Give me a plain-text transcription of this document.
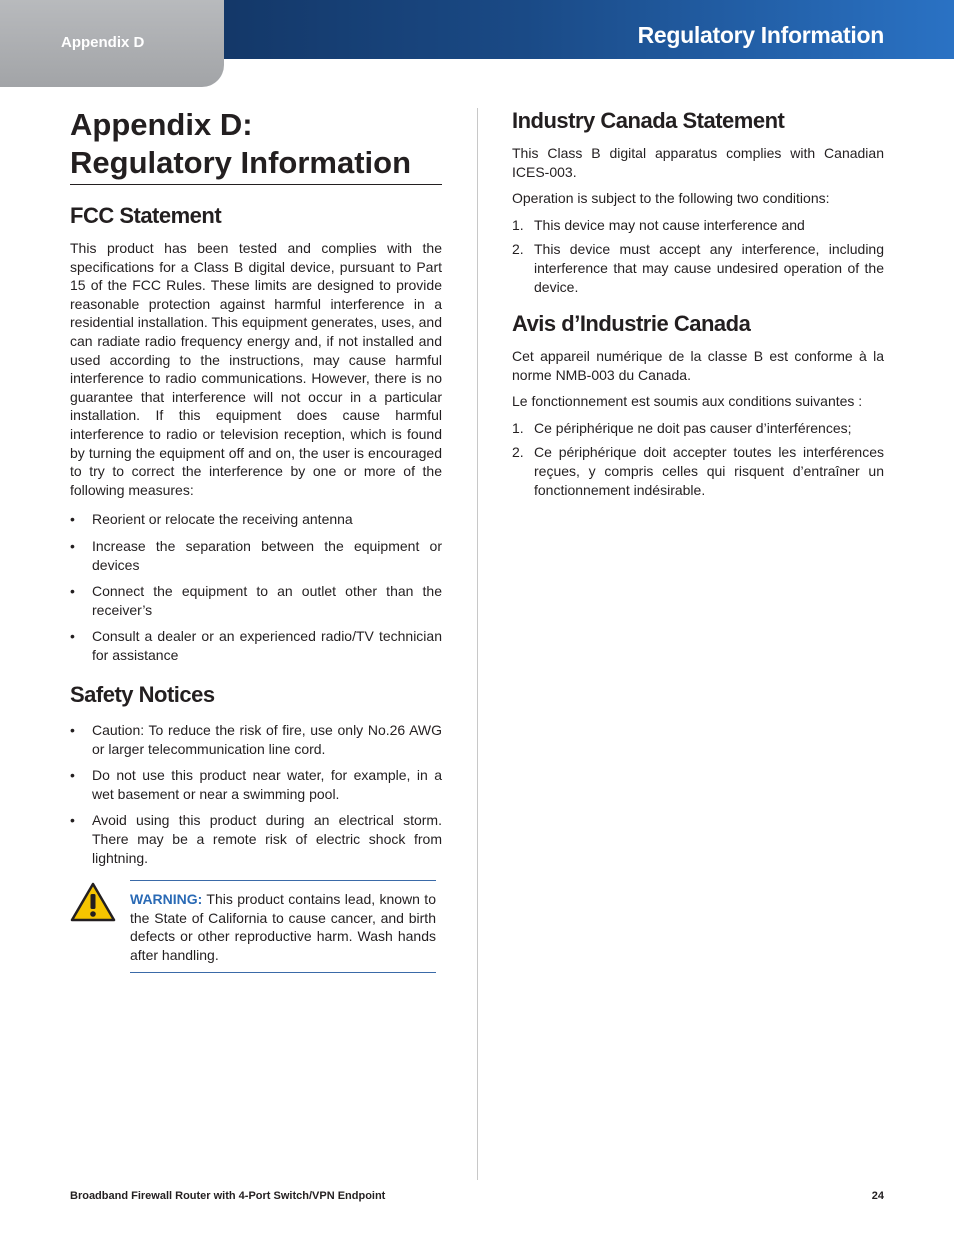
Appendix D	Regulatory Information
Appendix D:
Regulatory Information
FCC Statement

This product has been tested and complies with the specifications for a Class B digital device, pursuant to Part 15 of the FCC Rules. These limits are designed to provide reasonable protection against harmful interference in a residential installation. This equipment generates, uses, and can radiate radio frequency energy and, if not installed and used according to the instructions, may cause harmful interference to radio communications. However, there is no guarantee that interference will not occur in a particular installation. If this equipment does cause harmful interference to radio or television reception, which is found by turning the equipment off and on, the user is encouraged to try to correct the interference by one or more of the following measures:

• Reorient or relocate the receiving antenna
• Increase the separation between the equipment or devices
• Connect the equipment to an outlet other than the receiver’s
• Consult a dealer or an experienced radio/TV technician for assistance
Safety Notices
• Caution: To reduce the risk of fire, use only No.26 AWG or larger telecommunication line cord.
• Do not use this product near water, for example, in a wet basement or near a swimming pool.
• Avoid using this product during an electrical storm. There may be a remote risk of electric shock from lightning.

WARNING: This product contains lead, known to the State of California to cause cancer, and birth defects or other reproductive harm. Wash hands after handling.

Industry Canada Statement

This Class B digital apparatus complies with Canadian ICES-003.

Operation is subject to the following two conditions:

1. This device may not cause interference and
2. This device must accept any interference, including interference that may cause undesired operation of the device.
Avis d’Industrie Canada

Cet appareil numérique de la classe B est conforme à la norme NMB-003 du Canada.

Le fonctionnement est soumis aux conditions suivantes :

1. Ce périphérique ne doit pas causer d’interférences;
2. Ce périphérique doit accepter toutes les interférences reçues, y compris celles qui risquent d’entraîner un fonctionnement indésirable.
Broadband Firewall Router with 4-Port Switch/VPN Endpoint	24
